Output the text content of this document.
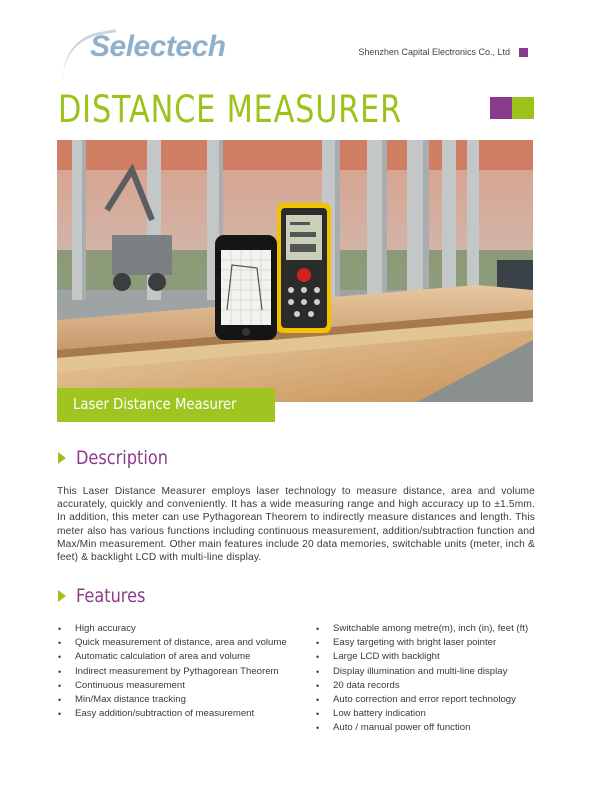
Selectech	Shenzhen Capital Electronics Co., Ltd
DISTANCE MEASURER
Laser Distance Measurer
Description
This Laser Distance Measurer employs laser technology to measure distance, area and volume accurately, quickly and conveniently. It has a wide measuring range and high accuracy up to ±1.5mm. In addition, this meter can use Pythagorean Theorem to indirectly measure distances and length. This meter also has various functions including continuous measurement, addition/subtraction function and Max/Min measurement. Other main features include 20 data memories, switchable units (meter, inch & feet) & backlight LCD with multi-line display.
Features
• High accuracy
• Quick measurement of distance, area and volume
• Automatic calculation of area and volume
• Indirect measurement by Pythagorean Theorem
• Continuous measurement
• Min/Max distance tracking
• Easy addition/subtraction of measurement
• Switchable among metre(m), inch (in), feet (ft)
• Easy targeting with bright laser pointer
• Large LCD with backlight
• Display illumination and multi-line display
• 20 data records
• Auto correction and error report technology
• Low battery indication
• Auto / manual power off function
